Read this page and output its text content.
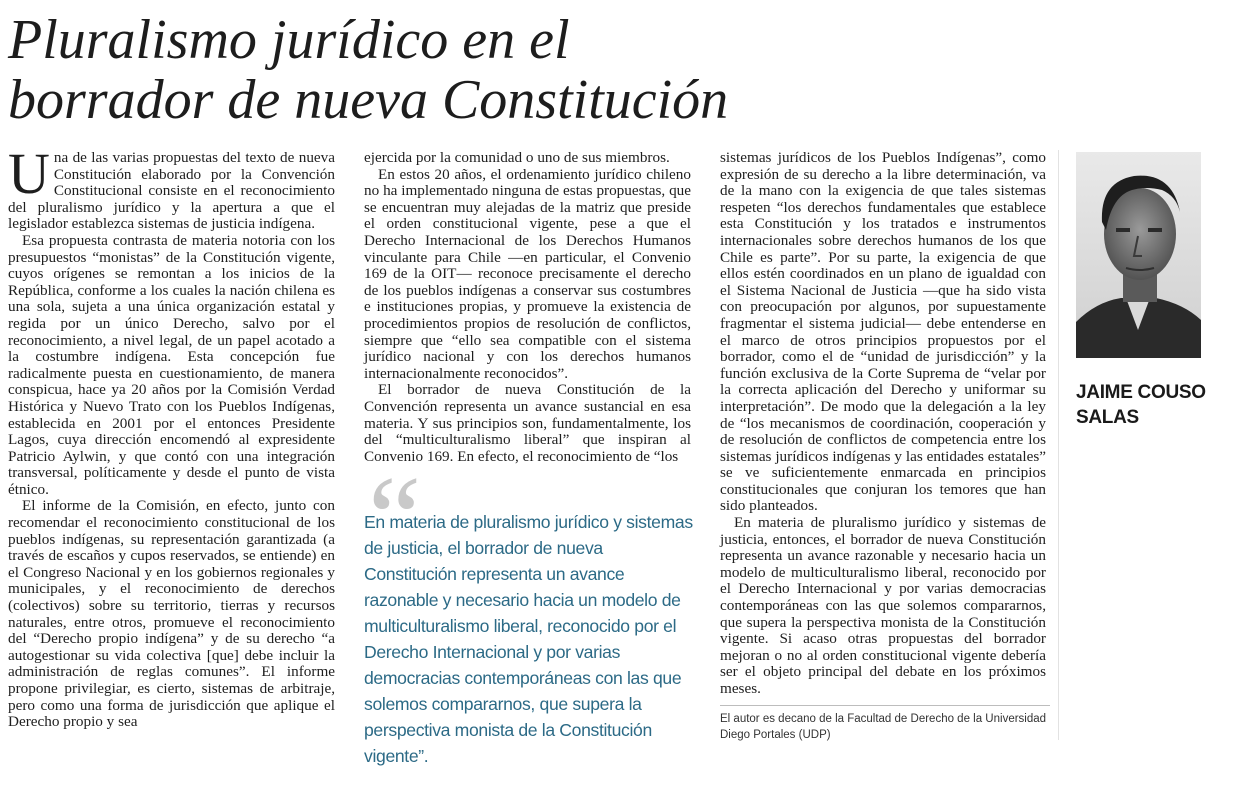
Pluralismo jurídico en el
borrador de nueva Constitución

Una de las varias propuestas del texto de nueva Constitución elaborado por la Convención Constitucional consiste en el reconocimiento del pluralismo jurídico y la apertura a que el legislador establezca sistemas de justicia indígena.

Esa propuesta contrasta de materia notoria con los presupuestos “monistas” de la Constitución vigente, cuyos orígenes se remontan a los inicios de la República, conforme a los cuales la nación chilena es una sola, sujeta a una única organización estatal y regida por un único Derecho, salvo por el reconocimiento, a nivel legal, de un papel acotado a la costumbre indígena. Esta concepción fue radicalmente puesta en cuestionamiento, de manera conspicua, hace ya 20 años por la Comisión Verdad Histórica y Nuevo Trato con los Pueblos Indígenas, establecida en 2001 por el entonces Presidente Lagos, cuya dirección encomendó al expresidente Patricio Aylwin, y que contó con una integración transversal, políticamente y desde el punto de vista étnico.

El informe de la Comisión, en efecto, junto con recomendar el reconocimiento constitucional de los pueblos indígenas, su representación garantizada (a través de escaños y cupos reservados, se entiende) en el Congreso Nacional y en los gobiernos regionales y municipales, y el reconocimiento de derechos (colectivos) sobre su territorio, tierras y recursos naturales, entre otros, promueve el reconocimiento del “Derecho propio indígena” y de su derecho “a autogestionar su vida colectiva [que] debe incluir la administración de reglas comunes”. El informe propone privilegiar, es cierto, sistemas de arbitraje, pero como una forma de jurisdicción que aplique el Derecho propio y sea

ejercida por la comunidad o uno de sus miembros.

En estos 20 años, el ordenamiento jurídico chileno no ha implementado ninguna de estas propuestas, que se encuentran muy alejadas de la matriz que preside el orden constitucional vigente, pese a que el Derecho Internacional de los Derechos Humanos vinculante para Chile —en particular, el Convenio 169 de la OIT— reconoce precisamente el derecho de los pueblos indígenas a conservar sus costumbres e instituciones propias, y promueve la existencia de procedimientos propios de resolución de conflictos, siempre que “ello sea compatible con el sistema jurídico nacional y con los derechos humanos internacionalmente reconocidos”.

El borrador de nueva Constitución de la Convención representa un avance sustancial en esa materia. Y sus principios son, fundamentalmente, los del “multiculturalismo liberal” que inspiran al Convenio 169. En efecto, el reconocimiento de “los

“
En materia de pluralismo jurídico y sistemas de justicia, el borrador de nueva Constitución representa un avance razonable y necesario hacia un modelo de multiculturalismo liberal, reconocido por el Derecho Internacional y por varias democracias contemporáneas con las que solemos compararnos, que supera la perspectiva monista de la Constitución vigente”.

sistemas jurídicos de los Pueblos Indígenas”, como expresión de su derecho a la libre determinación, va de la mano con la exigencia de que tales sistemas respeten “los derechos fundamentales que establece esta Constitución y los tratados e instrumentos internacionales sobre derechos humanos de los que Chile es parte”. Por su parte, la exigencia de que ellos estén coordinados en un plano de igualdad con el Sistema Nacional de Justicia —que ha sido vista con preocupación por algunos, por supuestamente fragmentar el sistema judicial— debe entenderse en el marco de otros principios propuestos por el borrador, como el de “unidad de jurisdicción” y la función exclusiva de la Corte Suprema de “velar por la correcta aplicación del Derecho y uniformar su interpretación”. De modo que la delegación a la ley de “los mecanismos de coordinación, cooperación y de resolución de conflictos de competencia entre los sistemas jurídicos indígenas y las entidades estatales” se ve suficientemente enmarcada en principios constitucionales que conjuran los temores que han sido planteados.

En materia de pluralismo jurídico y sistemas de justicia, entonces, el borrador de nueva Constitución representa un avance razonable y necesario hacia un modelo de multiculturalismo liberal, reconocido por el Derecho Internacional y por varias democracias contemporáneas con las que solemos compararnos, que supera la perspectiva monista de la Constitución vigente. Si acaso otras propuestas del borrador mejoran o no al orden constitucional vigente debería ser el objeto principal del debate en los próximos meses.

El autor es decano de la Facultad de Derecho de la Universidad Diego Portales (UDP)
JAIME COUSO
SALAS
